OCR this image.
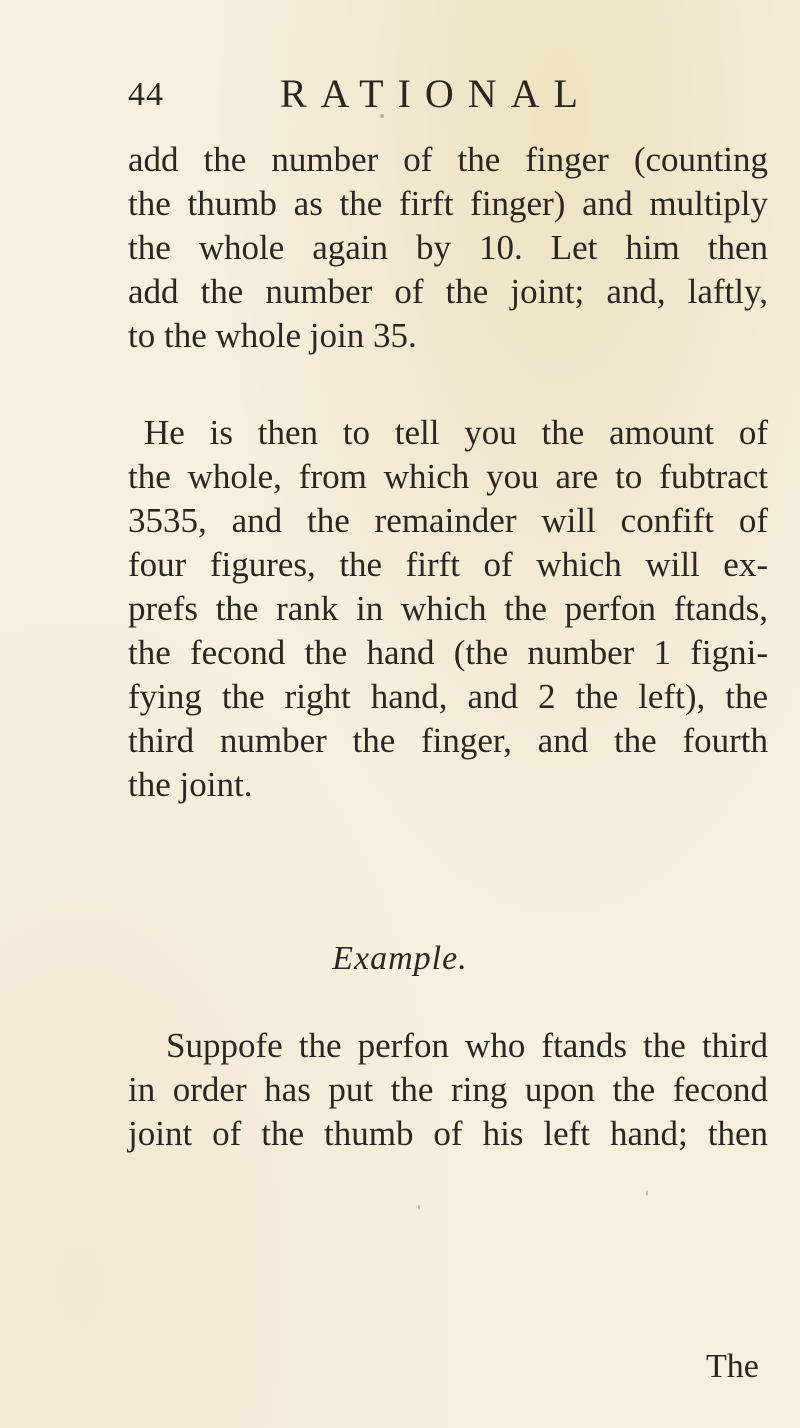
44	RATIONAL
add the number of the finger (counting
the thumb as the firft finger) and multiply
the whole again by 10. Let him then
add the number of the joint; and, laftly,
to the whole join 35.
He is then to tell you the amount of
the whole, from which you are to fubtract
3535, and the remainder will confift of
four figures, the firft of which will ex-
prefs the rank in which the perfon ftands,
the fecond the hand (the number 1 figni-
fying the right hand, and 2 the left), the
third number the finger, and the fourth
the joint.
Example.
Suppofe the perfon who ftands the third
in order has put the ring upon the fecond
joint of the thumb of his left hand; then
The
